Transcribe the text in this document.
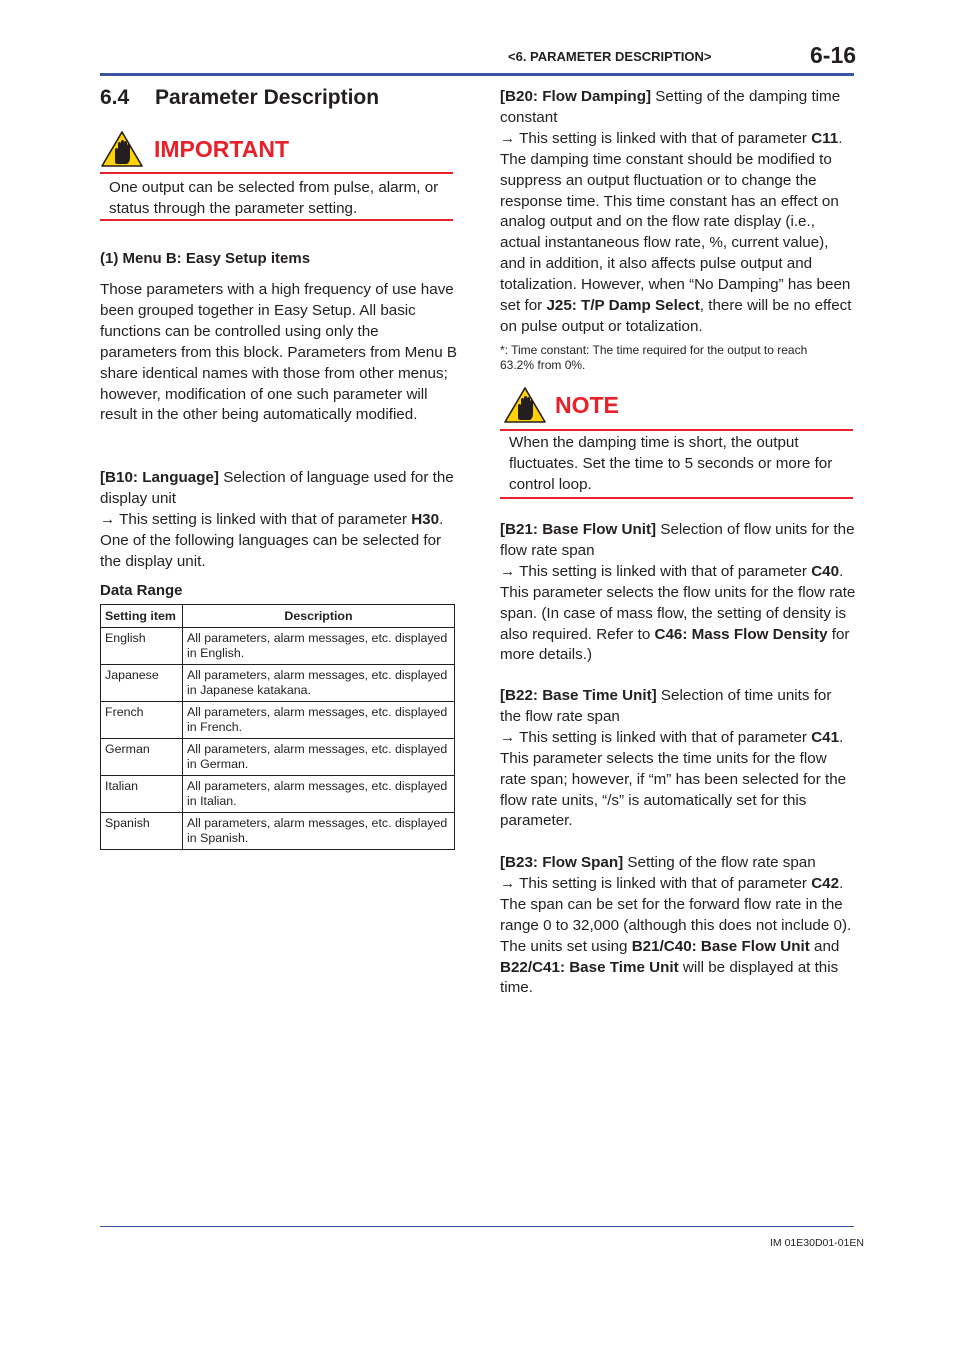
<6. PARAMETER DESCRIPTION>	6-16
6.4 Parameter Description
IMPORTANT
One output can be selected from pulse, alarm, or status through the parameter setting.
(1) Menu B: Easy Setup items
Those parameters with a high frequency of use have been grouped together in Easy Setup. All basic functions can be controlled using only the parameters from this block. Parameters from Menu B share identical names with those from other menus; however, modification of one such parameter will result in the other being automatically modified.

[B10: Language] Selection of language used for the display unit

→ This setting is linked with that of parameter H30. One of the following languages can be selected for the display unit.

Data Range
Setting item	Description
English	All parameters, alarm messages, etc. displayed in English.
Japanese	All parameters, alarm messages, etc. displayed in Japanese katakana.
French	All parameters, alarm messages, etc. displayed in French.
German	All parameters, alarm messages, etc. displayed in German.
Italian	All parameters, alarm messages, etc. displayed in Italian.
Spanish	All parameters, alarm messages, etc. displayed in Spanish.

[B20: Flow Damping] Setting of the damping time constant

→ This setting is linked with that of parameter C11. The damping time constant should be modified to suppress an output fluctuation or to change the response time. This time constant has an effect on analog output and on the flow rate display (i.e., actual instantaneous flow rate, %, current value), and in addition, it also affects pulse output and totalization. However, when “No Damping” has been set for J25: T/P Damp Select, there will be no effect on pulse output or totalization.

*: Time constant: The time required for the output to reach 63.2% from 0%.
NOTE
When the damping time is short, the output fluctuates. Set the time to 5 seconds or more for control loop.

[B21: Base Flow Unit] Selection of flow units for the flow rate span

→ This setting is linked with that of parameter C40. This parameter selects the flow units for the flow rate span. (In case of mass flow, the setting of density is also required. Refer to C46: Mass Flow Density for more details.)

[B22: Base Time Unit] Selection of time units for the flow rate span

→ This setting is linked with that of parameter C41. This parameter selects the time units for the flow rate span; however, if “m” has been selected for the flow rate units, “/s” is automatically set for this parameter.

[B23: Flow Span] Setting of the flow rate span

→ This setting is linked with that of parameter C42. The span can be set for the forward flow rate in the range 0 to 32,000 (although this does not include 0). The units set using B21/C40: Base Flow Unit and B22/C41: Base Time Unit will be displayed at this time.

IM 01E30D01-01EN
